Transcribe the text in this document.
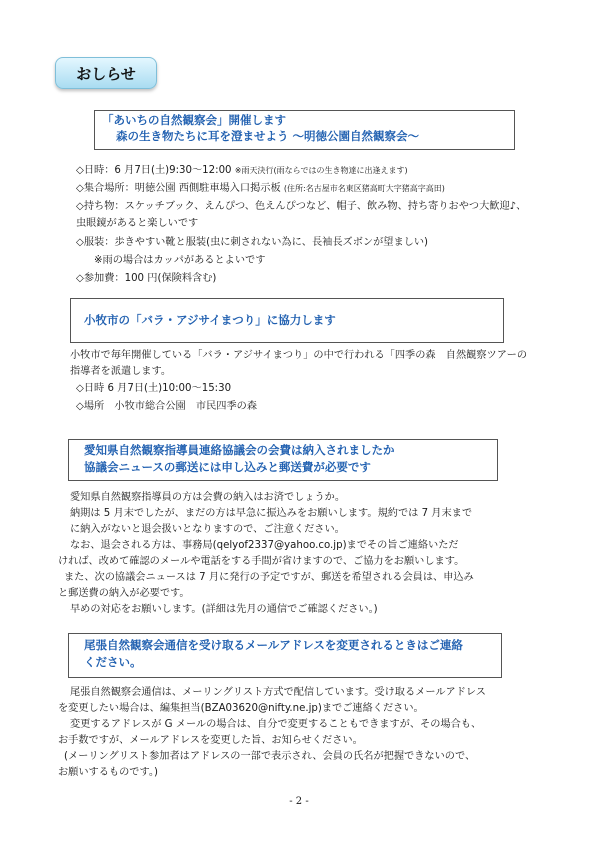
おしらせ
「あいちの自然観察会」開催します
森の生き物たちに耳を澄ませよう ～明徳公園自然観察会～
◇日時：6 月7日(土)9:30～12:00 ※雨天決行(雨ならではの生き物達に出逢えます)
◇集合場所：明徳公園 西側駐車場入口掲示板 (住所:名古屋市名東区猪高町大字猪高字高田)
◇持ち物：スケッチブック、えんぴつ、色えんぴつなど、帽子、飲み物、持ち寄りおやつ大歓迎♪、
虫眼鏡があると楽しいです
◇服装：歩きやすい靴と服装(虫に刺されない為に、長袖長ズボンが望ましい)
※雨の場合はカッパがあるとよいです
◇参加費：100 円(保険料含む)
小牧市の「バラ・アジサイまつり」に協力します
小牧市で毎年開催している「バラ・アジサイまつり」の中で行われる「四季の森　自然観察ツアーの
指導者を派遣します。
◇日時 6 月7日(土)10:00～15:30
◇場所　小牧市総合公園　市民四季の森
愛知県自然観察指導員連絡協議会の会費は納入されましたか
協議会ニュースの郵送には申し込みと郵送費が必要です
愛知県自然観察指導員の方は会費の納入はお済でしょうか。
納期は 5 月末でしたが、まだの方は早急に振込みをお願いします。規約では 7 月末まで
に納入がないと退会扱いとなりますので、ご注意ください。
なお、退会される方は、事務局(qelyof2337@yahoo.co.jp)までその旨ご連絡いただ
ければ、改めて確認のメールや電話をする手間が省けますので、ご協力をお願いします。
また、次の協議会ニュースは 7 月に発行の予定ですが、郵送を希望される会員は、申込み
と郵送費の納入が必要です。
早めの対応をお願いします。(詳細は先月の通信でご確認ください。)
尾張自然観察会通信を受け取るメールアドレスを変更されるときはご連絡
ください。
尾張自然観察会通信は、メーリングリスト方式で配信しています。受け取るメールアドレス
を変更したい場合は、編集担当(BZA03620@nifty.ne.jp)までご連絡ください。
変更するアドレスが G メールの場合は、自分で変更することもできますが、その場合も、
お手数ですが、メールアドレスを変更した旨、お知らせください。
(メーリングリスト参加者はアドレスの一部で表示され、会員の氏名が把握できないので、
お願いするものです。)
- 2 -
